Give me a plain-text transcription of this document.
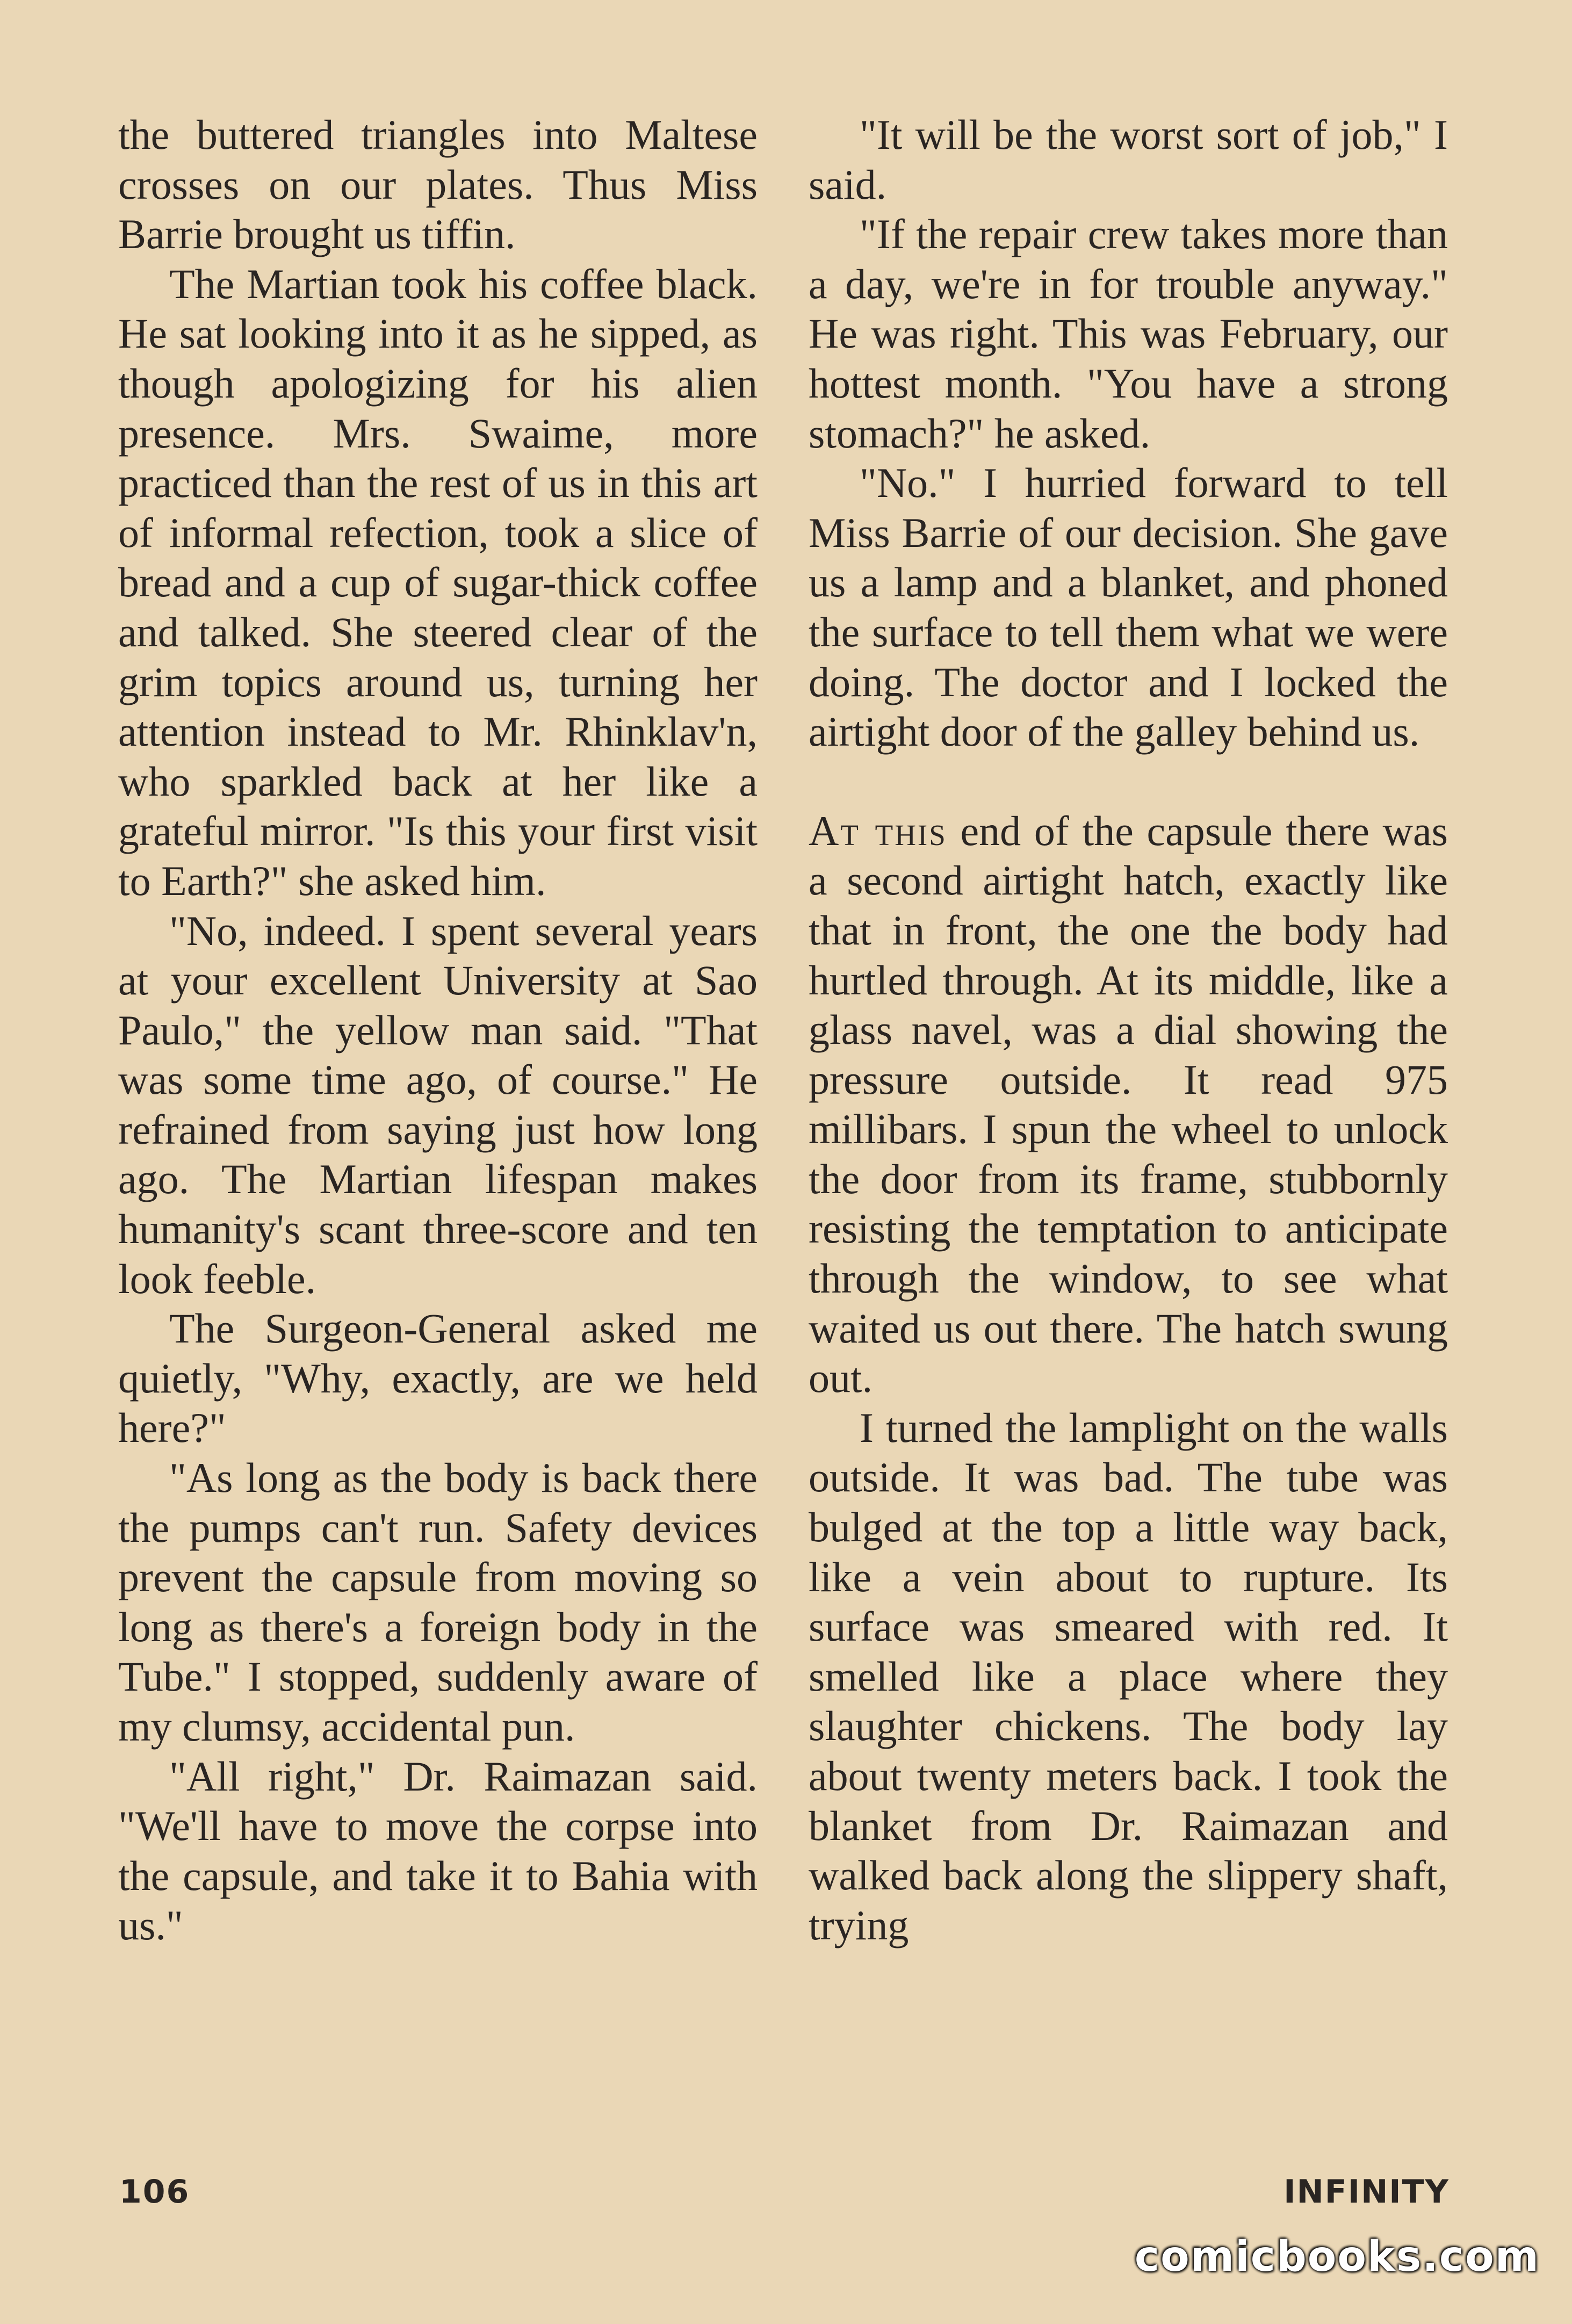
the buttered triangles into Maltese crosses on our plates. Thus Miss Barrie brought us tiffin.

The Martian took his coffee black. He sat looking into it as he sipped, as though apologizing for his alien presence. Mrs. Swaime, more practiced than the rest of us in this art of informal refection, took a slice of bread and a cup of sugar-thick coffee and talked. She steered clear of the grim topics around us, turning her attention instead to Mr. Rhinklav'n, who sparkled back at her like a grateful mirror. "Is this your first visit to Earth?" she asked him.

"No, indeed. I spent several years at your excellent University at Sao Paulo," the yellow man said. "That was some time ago, of course." He refrained from saying just how long ago. The Martian lifespan makes humanity's scant three-score and ten look feeble.

The Surgeon-General asked me quietly, "Why, exactly, are we held here?"

"As long as the body is back there the pumps can't run. Safety devices prevent the capsule from moving so long as there's a foreign body in the Tube." I stopped, suddenly aware of my clumsy, accidental pun.

"All right," Dr. Raimazan said. "We'll have to move the corpse into the capsule, and take it to Bahia with us."

"It will be the worst sort of job," I said.

"If the repair crew takes more than a day, we're in for trouble anyway." He was right. This was February, our hottest month. "You have a strong stomach?" he asked.

"No." I hurried forward to tell Miss Barrie of our decision. She gave us a lamp and a blanket, and phoned the surface to tell them what we were doing. The doctor and I locked the airtight door of the galley behind us.

At this end of the capsule there was a second airtight hatch, exactly like that in front, the one the body had hurtled through. At its middle, like a glass navel, was a dial showing the pressure outside. It read 975 millibars. I spun the wheel to unlock the door from its frame, stubbornly resisting the temptation to anticipate through the window, to see what waited us out there. The hatch swung out.

I turned the lamplight on the walls outside. It was bad. The tube was bulged at the top a little way back, like a vein about to rupture. Its surface was smeared with red. It smelled like a place where they slaughter chickens. The body lay about twenty meters back. I took the blanket from Dr. Raimazan and walked back along the slippery shaft, trying

106	INFINITY
comicbooks.com
